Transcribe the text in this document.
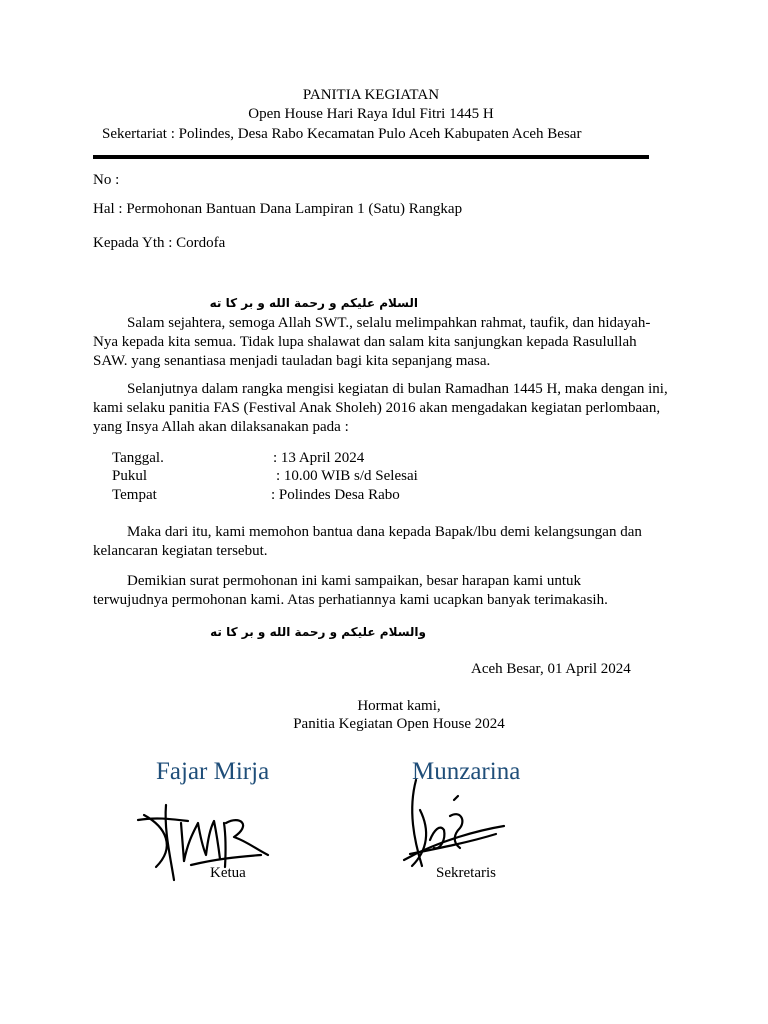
PANITIA KEGIATAN
Open House Hari Raya Idul Fitri 1445 H
Sekertariat : Polindes, Desa Rabo Kecamatan Pulo Aceh Kabupaten Aceh Besar
No :
Hal : Permohonan Bantuan Dana Lampiran 1 (Satu) Rangkap
Kepada Yth : Cordofa
السلام عليكم و رحمة الله و بر كا ته
Salam sejahtera, semoga Allah SWT., selalu melimpahkan rahmat, taufik, dan hidayah-Nya kepada kita semua. Tidak lupa shalawat dan salam kita sanjungkan kepada Rasulullah SAW. yang senantiasa menjadi tauladan bagi kita sepanjang masa.
Selanjutnya dalam rangka mengisi kegiatan di bulan Ramadhan 1445 H, maka dengan ini, kami selaku panitia FAS (Festival Anak Sholeh) 2016 akan mengadakan kegiatan perlombaan, yang Insya Allah akan dilaksanakan pada :
Tanggal.	: 13 April 2024
Pukul	: 10.00 WIB s/d Selesai
Tempat	: Polindes Desa Rabo
Maka dari itu, kami memohon bantua dana kepada Bapak/lbu demi kelangsungan dan kelancaran kegiatan tersebut.
Demikian surat permohonan ini kami sampaikan, besar harapan kami untuk terwujudnya permohonan kami. Atas perhatiannya kami ucapkan banyak terimakasih.
والسلام عليكم و رحمة الله و بر كا ته
Aceh Besar, 01 April 2024
Hormat kami,
Panitia Kegiatan Open House 2024
Fajar Mirja
Ketua
Munzarina
Sekretaris
